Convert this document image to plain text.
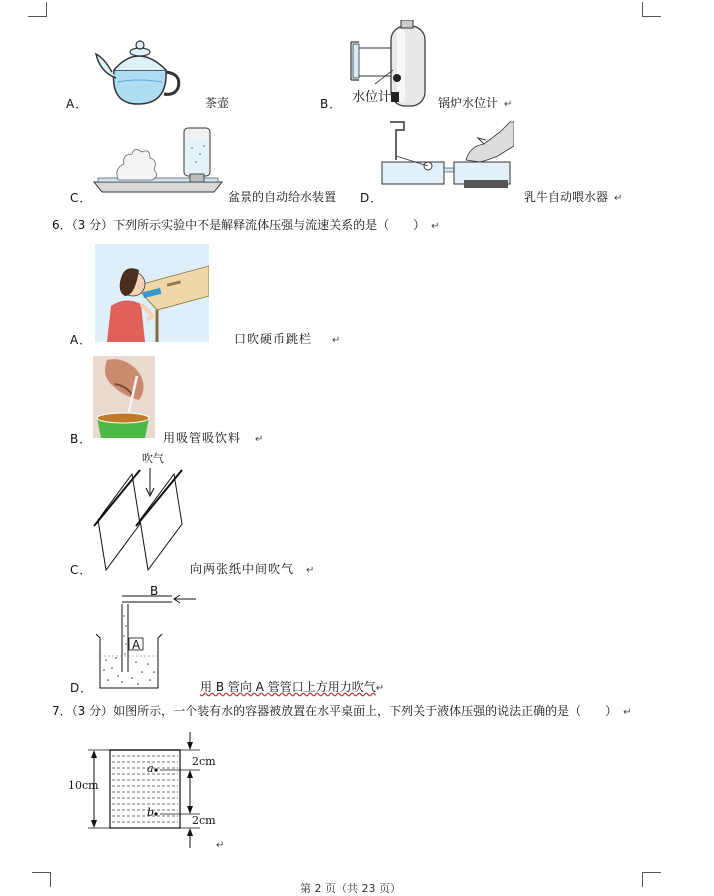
A．	茶壶	B． 水位计	锅炉水位计 ↵
C．	盆景的自动给水装置 D．	乳牛自动喂水器 ↵
6．（3 分）下列所示实验中不是解释流体压强与流速关系的是（　　） ↵
A．	口吹硬币跳栏 ↵
B．	用吸管吸饮料 ↵
C．
吹气
向两张纸中间吹气 ↵
D．
B
A
用 B 管向 A 管管口上方用力吹气↵
7．（3 分）如图所示，一个装有水的容器被放置在水平桌面上，下列关于液体压强的说法正确的是（　　） ↵
10cm
2cm
2cm
a
b
↵
第 2 页（共 23 页）
